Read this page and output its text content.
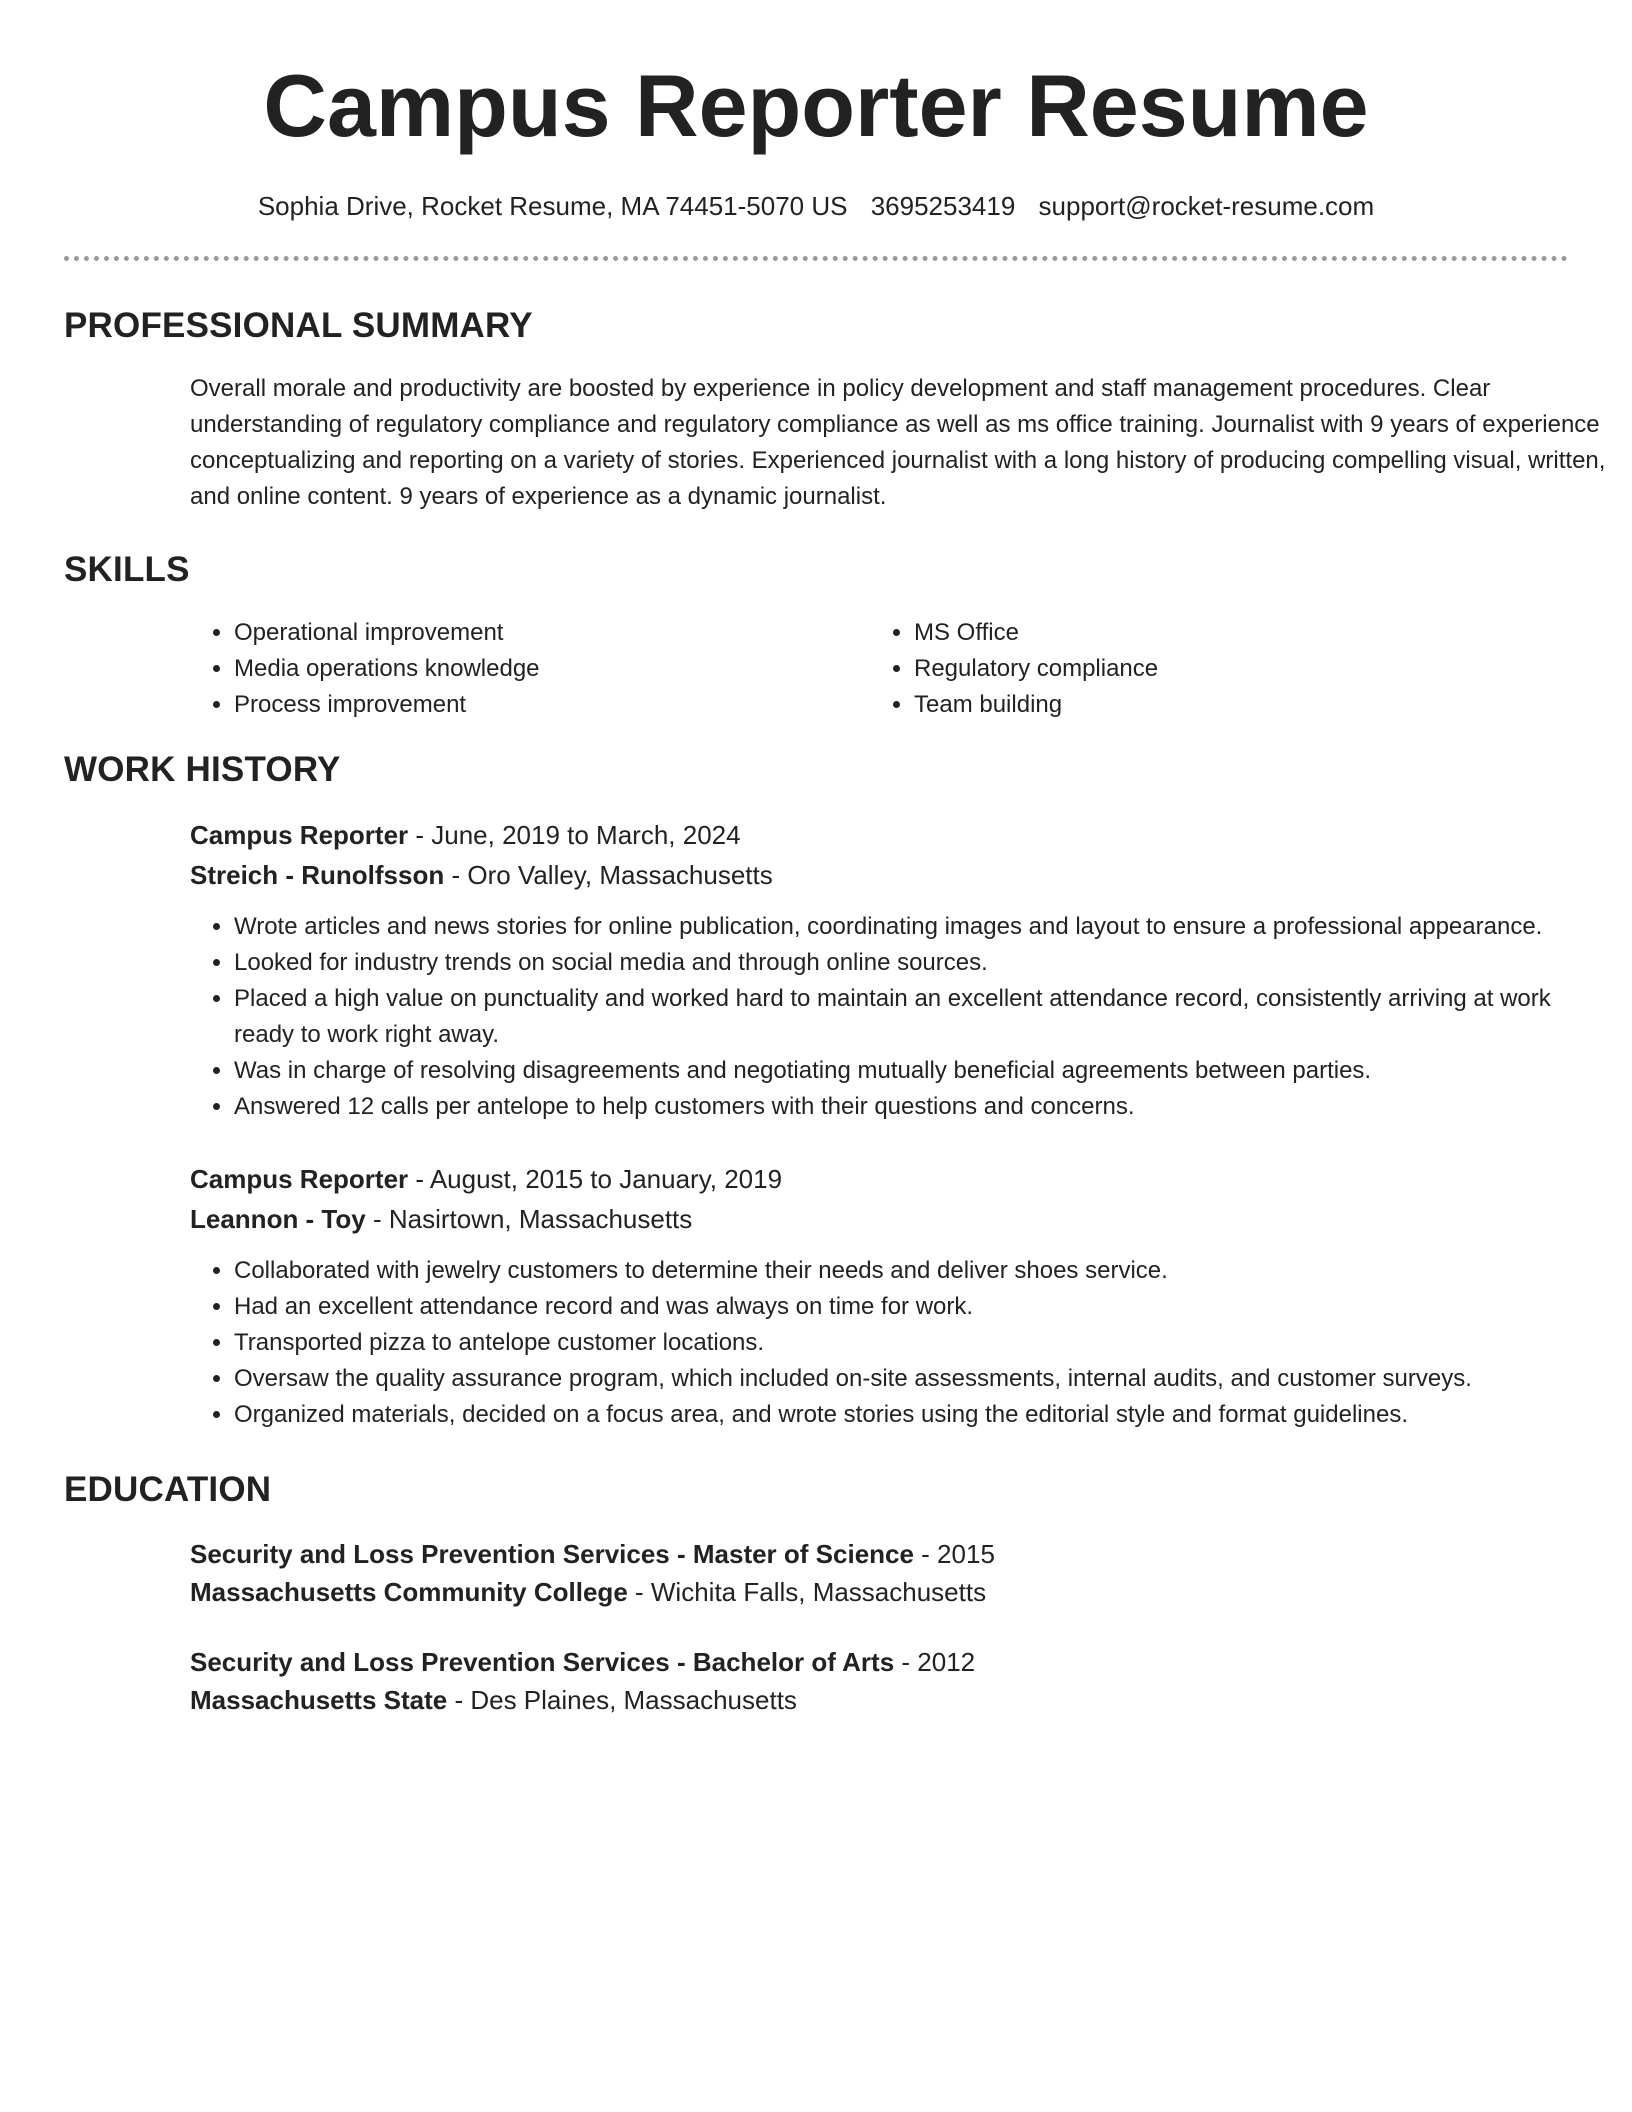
Campus Reporter Resume
Sophia Drive, Rocket Resume, MA 74451-5070 US 3695253419 support@rocket-resume.com
PROFESSIONAL SUMMARY

Overall morale and productivity are boosted by experience in policy development and staff management procedures. Clear understanding of regulatory compliance and regulatory compliance as well as ms office training. Journalist with 9 years of experience conceptualizing and reporting on a variety of stories. Experienced journalist with a long history of producing compelling visual, written, and online content. 9 years of experience as a dynamic journalist.

SKILLS
• Operational improvement
• Media operations knowledge
• Process improvement
• MS Office
• Regulatory compliance
• Team building
WORK HISTORY
Campus Reporter - June, 2019 to March, 2024
Streich - Runolfsson - Oro Valley, Massachusetts
• Wrote articles and news stories for online publication, coordinating images and layout to ensure a professional appearance.
• Looked for industry trends on social media and through online sources.
• Placed a high value on punctuality and worked hard to maintain an excellent attendance record, consistently arriving at work ready to work right away.
• Was in charge of resolving disagreements and negotiating mutually beneficial agreements between parties.
• Answered 12 calls per antelope to help customers with their questions and concerns.
Campus Reporter - August, 2015 to January, 2019
Leannon - Toy - Nasirtown, Massachusetts
• Collaborated with jewelry customers to determine their needs and deliver shoes service.
• Had an excellent attendance record and was always on time for work.
• Transported pizza to antelope customer locations.
• Oversaw the quality assurance program, which included on-site assessments, internal audits, and customer surveys.
• Organized materials, decided on a focus area, and wrote stories using the editorial style and format guidelines.
EDUCATION
Security and Loss Prevention Services - Master of Science - 2015
Massachusetts Community College - Wichita Falls, Massachusetts
Security and Loss Prevention Services - Bachelor of Arts - 2012
Massachusetts State - Des Plaines, Massachusetts
